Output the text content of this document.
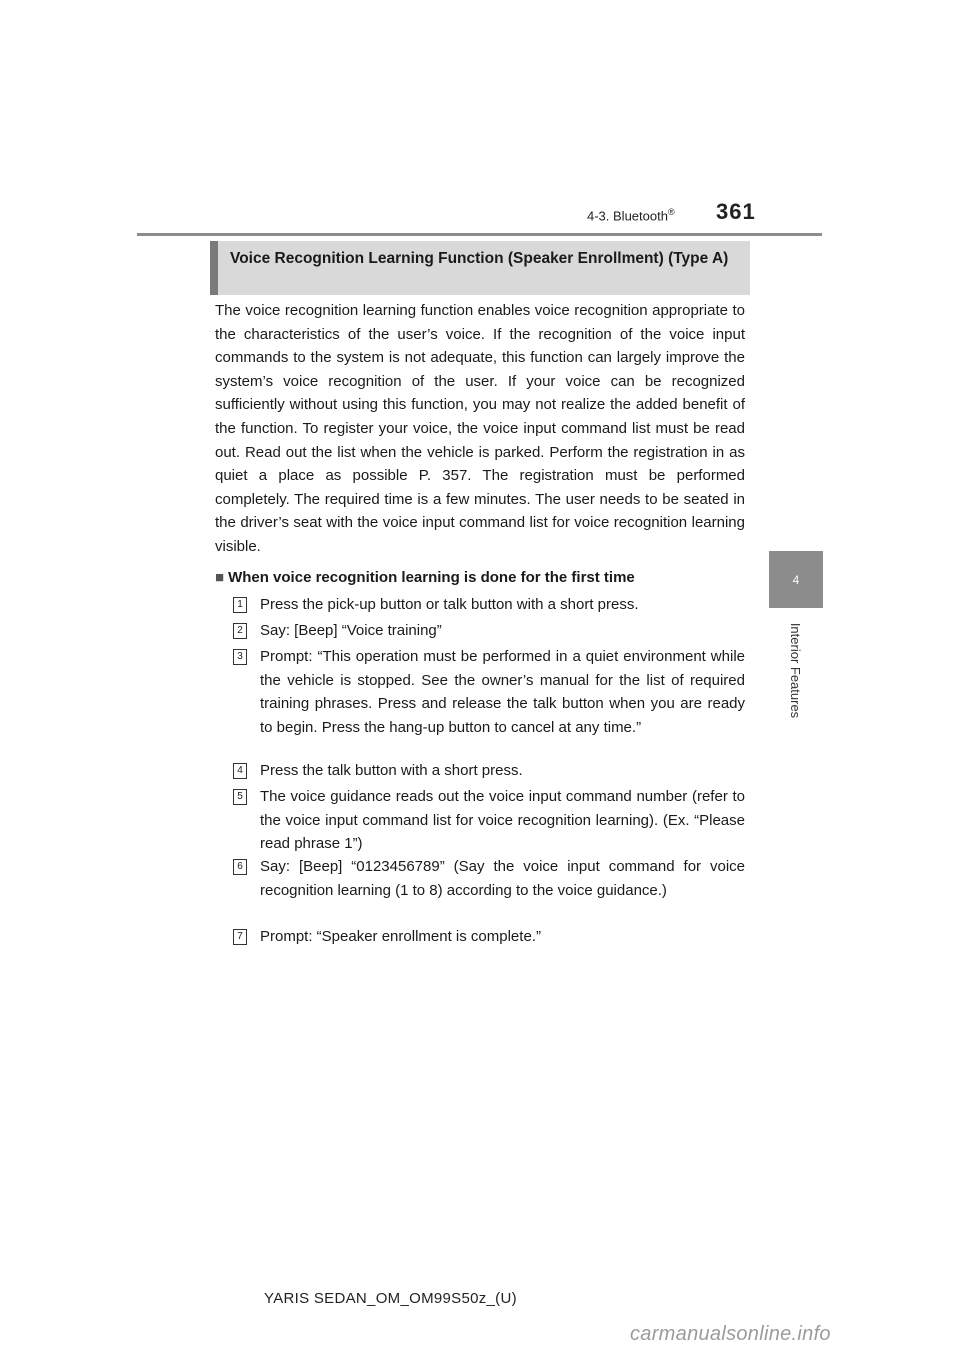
4-3. Bluetooth® 361
4
Interior Features
Voice Recognition Learning Function (Speaker Enrollment) (Type A)

The voice recognition learning function enables voice recognition appropriate to the characteristics of the user’s voice. If the recognition of the voice input commands to the system is not adequate, this function can largely improve the system’s voice recognition of the user. If your voice can be recognized sufficiently without using this function, you may not realize the added benefit of the function. To register your voice, the voice input command list must be read out. Read out the list when the vehicle is parked. Perform the registration in as quiet a place as possible P. 357. The registration must be performed completely. The required time is a few minutes. The user needs to be seated in the driver’s seat with the voice input command list for voice recognition learning visible.

■ When voice recognition learning is done for the first time
1 Press the pick-up button or talk button with a short press.
2 Say: [Beep] “Voice training”
3 Prompt: “This operation must be performed in a quiet environment while the vehicle is stopped. See the owner’s manual for the list of required training phrases. Press and release the talk button when you are ready to begin. Press the hang-up button to cancel at any time.”
4 Press the talk button with a short press.
5 The voice guidance reads out the voice input command number (refer to the voice input command list for voice recognition learning). (Ex. “Please read phrase 1”)
6 Say: [Beep] “0123456789” (Say the voice input command for voice recognition learning (1 to 8) according to the voice guidance.)
7 Prompt: “Speaker enrollment is complete.”
YARIS SEDAN_OM_OM99S50z_(U)
carmanualsonline.info
